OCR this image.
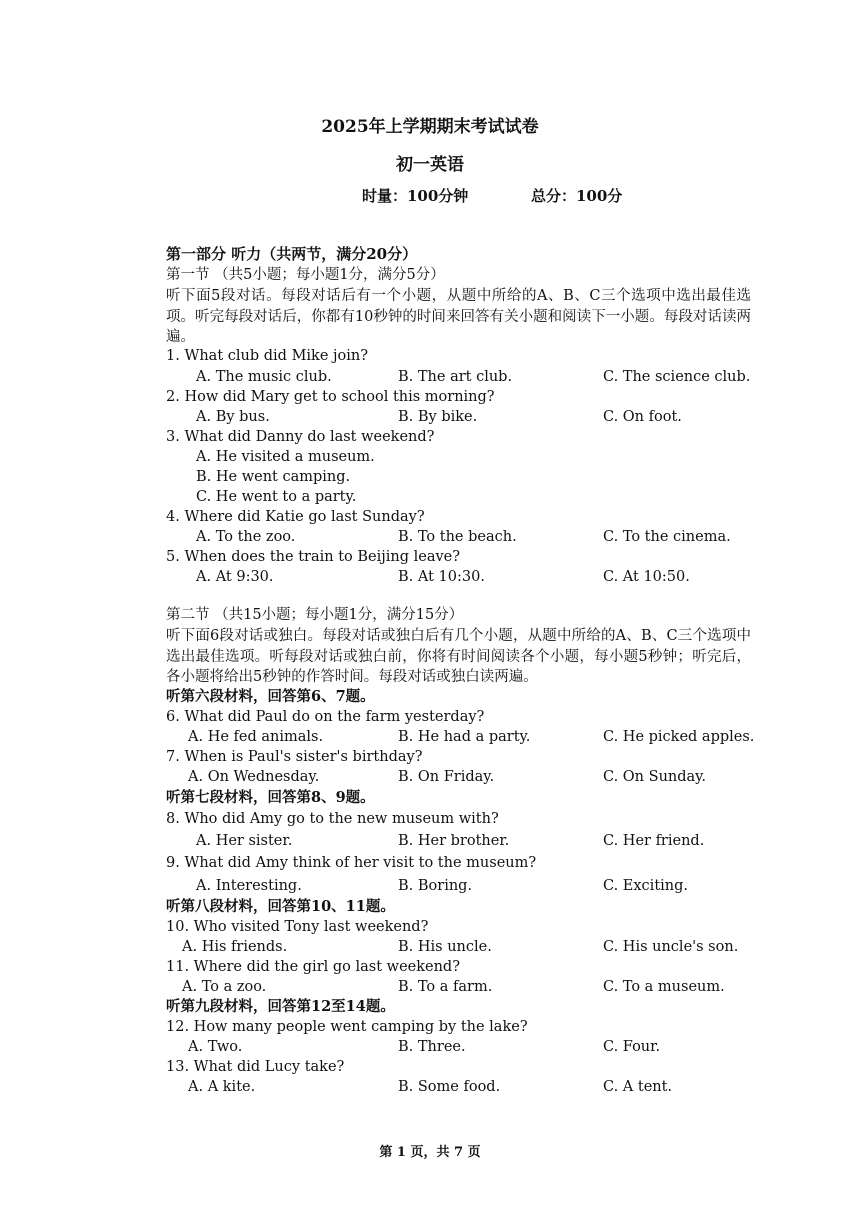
2025年上学期期末考试试卷
初一英语
时量：100分钟	总分：100分
第一部分 听力（共两节，满分20分）
第一节 （共5小题；每小题1分，满分5分）
听下面5段对话。每段对话后有一个小题，从题中所给的A、B、C三个选项中选出最佳选项。听完每段对话后，你都有10秒钟的时间来回答有关小题和阅读下一小题。每段对话读两遍。
1. What club did Mike join?
A. The music club.	B. The art club.	C. The science club.
2. How did Mary get to school this morning?
A. By bus.	B. By bike.	C. On foot.
3. What did Danny do last weekend?
A. He visited a museum.
B. He went camping.
C. He went to a party.
4. Where did Katie go last Sunday?
A. To the zoo.	B. To the beach.	C. To the cinema.
5. When does the train to Beijing leave?
A. At 9:30.	B. At 10:30.	C. At 10:50.
第二节 （共15小题；每小题1分，满分15分）
听下面6段对话或独白。每段对话或独白后有几个小题，从题中所给的A、B、C三个选项中选出最佳选项。听每段对话或独白前，你将有时间阅读各个小题，每小题5秒钟；听完后，各小题将给出5秒钟的作答时间。每段对话或独白读两遍。
听第六段材料，回答第6、7题。
6. What did Paul do on the farm yesterday?
A. He fed animals.	B. He had a party.	C. He picked apples.
7. When is Paul's sister's birthday?
A. On Wednesday.	B. On Friday.	C. On Sunday.
听第七段材料，回答第8、9题。
8. Who did Amy go to the new museum with?
A. Her sister.	B. Her brother.	C. Her friend.
9. What did Amy think of her visit to the museum?
A. Interesting.	B. Boring.	C. Exciting.
听第八段材料，回答第10、11题。
10. Who visited Tony last weekend?
A. His friends.	B. His uncle.	C. His uncle's son.
11. Where did the girl go last weekend?
A. To a zoo.	B. To a farm.	C. To a museum.
听第九段材料，回答第12至14题。
12. How many people went camping by the lake?
A. Two.	B. Three.	C. Four.
13. What did Lucy take?
A. A kite.	B. Some food.	C. A tent.
第 1 页，共 7 页
